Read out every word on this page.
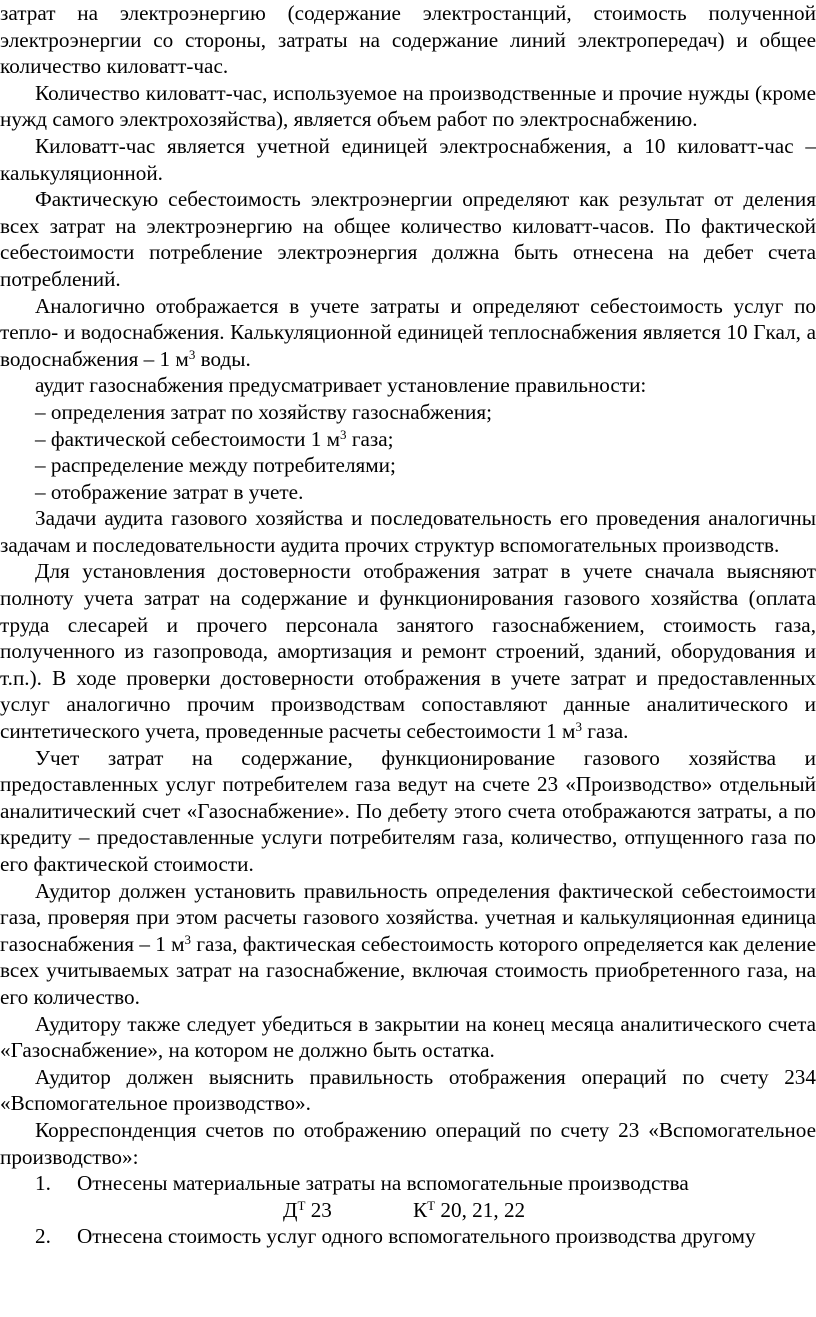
затрат на электроэнергию (содержание электростанций, стоимость полученной электроэнергии со стороны, затраты на содержание линий электропередач) и общее количество киловатт-час.

Количество киловатт-час, используемое на производственные и прочие нужды (кроме нужд самого электрохозяйства), является объем работ по электроснабжению.

Киловатт-час является учетной единицей электроснабжения, а 10 киловатт-час – калькуляционной.

Фактическую себестоимость электроэнергии определяют как результат от деления всех затрат на электроэнергию на общее количество киловатт-часов. По фактической себестоимости потребление электроэнергия должна быть отнесена на дебет счета потреблений.

Аналогично отображается в учете затраты и определяют себестоимость услуг по тепло- и водоснабжения. Калькуляционной единицей теплоснабжения является 10 Гкал, а водоснабжения – 1 $м^3$ воды.

аудит газоснабжения предусматривает установление правильности:

– определения затрат по хозяйству газоснабжения;

– фактической себестоимости 1 $м^3$ газа;

– распределение между потребителями;

– отображение затрат в учете.

Задачи аудита газового хозяйства и последовательность его проведения аналогичны задачам и последовательности аудита прочих структур вспомогательных производств.

Для установления достоверности отображения затрат в учете сначала выясняют полноту учета затрат на содержание и функционирования газового хозяйства (оплата труда слесарей и прочего персонала занятого газоснабжением, стоимость газа, полученного из газопровода, амортизация и ремонт строений, зданий, оборудования и т.п.). В ходе проверки достоверности отображения в учете затрат и предоставленных услуг аналогично прочим производствам сопоставляют данные аналитического и синтетического учета, проведенные расчеты себестоимости 1 $м^3$ газа.

Учет затрат на содержание, функционирование газового хозяйства и предоставленных услуг потребителем газа ведут на счете 23 «Производство» отдельный аналитический счет «Газоснабжение». По дебету этого счета отображаются затраты, а по кредиту – предоставленные услуги потребителям газа, количество, отпущенного газа по его фактической стоимости.

Аудитор должен установить правильность определения фактической себестоимости газа, проверяя при этом расчеты газового хозяйства. учетная и калькуляционная единица газоснабжения – 1 $м^3$ газа, фактическая себестоимость которого определяется как деление всех учитываемых затрат на газоснабжение, включая стоимость приобретенного газа, на его количество.

Аудитору также следует убедиться в закрытии на конец месяца аналитического счета «Газоснабжение», на котором не должно быть остатка.

Аудитор должен выяснить правильность отображения операций по счету 234 «Вспомогательное производство».

Корреспонденция счетов по отображению операций по счету 23 «Вспомогательное производство»:

1.	Отнесены материальные затраты на вспомогательные производства
$Д^Т$ 23	$К^Т$ 20, 21, 22
2.	Отнесена стоимость услуг одного вспомогательного производства другому
